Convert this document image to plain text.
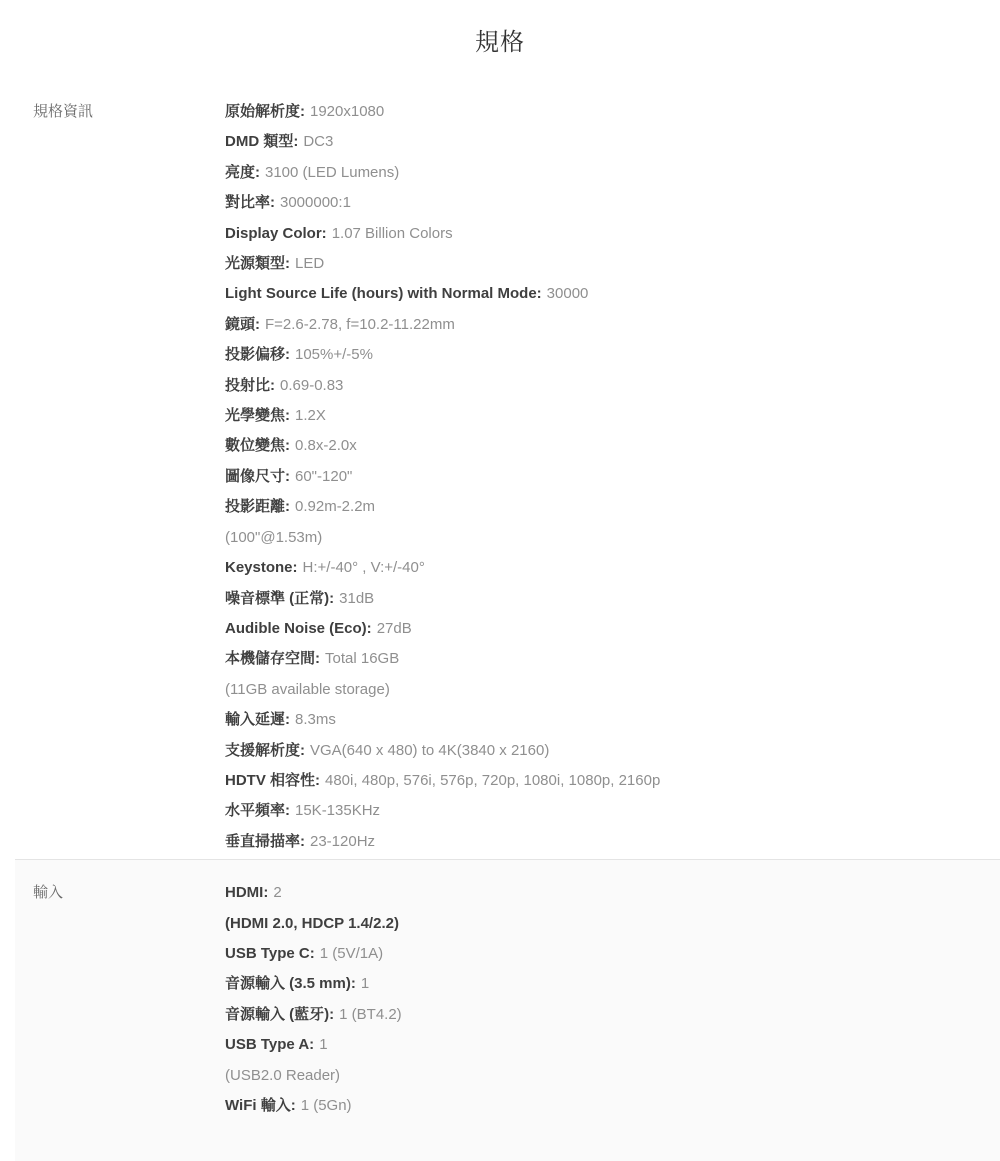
規格
規格資訊	原始解析度: 1920x1080
DMD 類型: DC3
亮度: 3100 (LED Lumens)
對比率: 3000000:1
Display Color: 1.07 Billion Colors
光源類型: LED
Light Source Life (hours) with Normal Mode: 30000
鏡頭: F=2.6-2.78, f=10.2-11.22mm
投影偏移: 105%+/-5%
投射比: 0.69-0.83
光學變焦: 1.2X
數位變焦: 0.8x-2.0x
圖像尺寸: 60"-120"
投影距離: 0.92m-2.2m
(100"@1.53m)
Keystone: H:+/-40° , V:+/-40°
噪音標準 (正常): 31dB
Audible Noise (Eco): 27dB
本機儲存空間: Total 16GB
(11GB available storage)
輸入延遲: 8.3ms
支援解析度: VGA(640 x 480) to 4K(3840 x 2160)
HDTV 相容性: 480i, 480p, 576i, 576p, 720p, 1080i, 1080p, 2160p
水平頻率: 15K-135KHz
垂直掃描率: 23-120Hz
輸入	HDMI: 2
(HDMI 2.0, HDCP 1.4/2.2)
USB Type C: 1 (5V/1A)
音源輸入 (3.5 mm): 1
音源輸入 (藍牙): 1 (BT4.2)
USB Type A: 1
(USB2.0 Reader)
WiFi 輸入: 1 (5Gn)
